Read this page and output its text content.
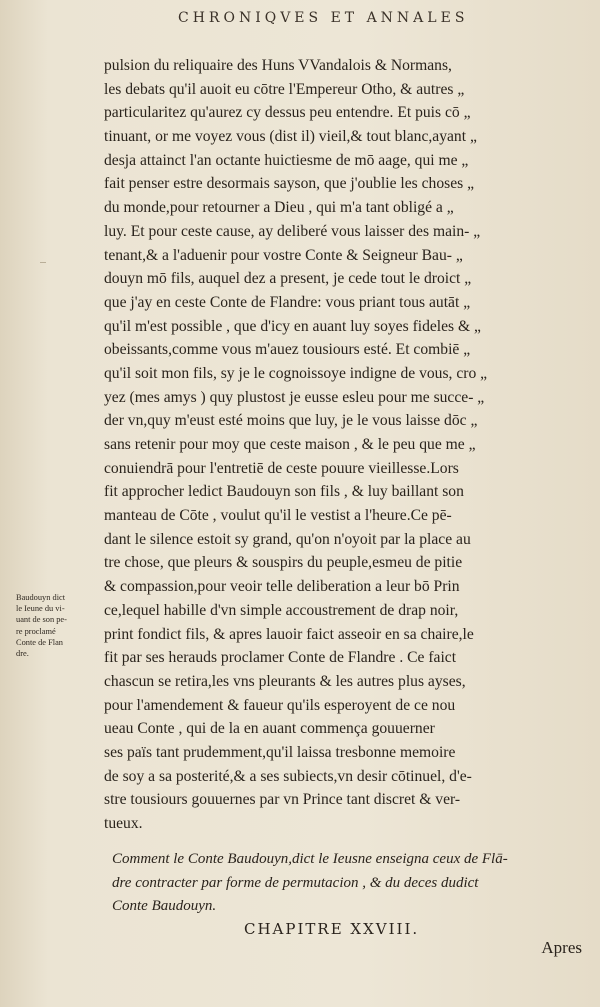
CHRONIQVES ET ANNALES
pulsion du reliquaire des Huns VVandalois & Normans,
les debats qu'il auoit eu cōtre l'Empereur Otho, & autres „
particularitez qu'aurez cy dessus peu entendre. Et puis cō „
tinuant, or me voyez vous (dist il) vieil,& tout blanc,ayant „
desja attainct l'an octante huictiesme de mō aage, qui me „
fait penser estre desormais sayson, que j'oublie les choses „
du monde,pour retourner a Dieu , qui m'a tant obligé a „
luy. Et pour ceste cause, ay deliberé vous laisser des main- „
tenant,& a l'aduenir pour vostre Conte & Seigneur Bau- „
douyn mō fils, auquel dez a present, je cede tout le droict „
que j'ay en ceste Conte de Flandre: vous priant tous autāt „
qu'il m'est possible , que d'icy en auant luy soyes fideles & „
obeissants,comme vous m'auez tousiours esté. Et combiē „
qu'il soit mon fils, sy je le cognoissoye indigne de vous, cro „
yez (mes amys ) quy plustost je eusse esleu pour me succe- „
der vn,quy m'eust esté moins que luy, je le vous laisse dōc „
sans retenir pour moy que ceste maison , & le peu que me „
conuiendrā pour l'entretiē de ceste pouure vieillesse.Lors
fit approcher ledict Baudouyn son fils , & luy baillant son
manteau de Cōte , voulut qu'il le vestist a l'heure.Ce pē-
dant le silence estoit sy grand, qu'on n'oyoit par la place au
tre chose, que pleurs & souspirs du peuple,esmeu de pitie
& compassion,pour veoir telle deliberation a leur bō Prin
ce,lequel habille d'vn simple accoustrement de drap noir,
print fondict fils, & apres lauoir faict asseoir en sa chaire,le
fit par ses herauds proclamer Conte de Flandre . Ce faict
chascun se retira,les vns pleurants & les autres plus ayses,
pour l'amendement & faueur qu'ils esperoyent de ce nou
ueau Conte , qui de la en auant commença gouuerner
ses païs tant prudemment,qu'il laissa tresbonne memoire
de soy a sa posterité,& a ses subiects,vn desir cōtinuel, d'e-
stre tousiours gouuernes par vn Prince tant discret & ver-
tueux.
Baudouyn dict
le Ieune du vi-
uant de son pe-
re proclamé
Conte de Flan
dre.
Comment le Conte Baudouyn,dict le Ieusne enseigna ceux de Flā-
dre contracter par forme de permutacion , & du deces dudict
Conte Baudouyn.
CHAPITRE XXVIII.
Apres
